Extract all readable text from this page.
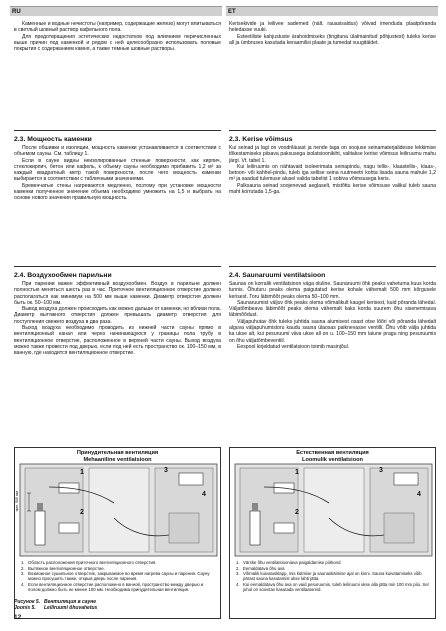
RU	ET

Каменные и водные нечистоты (например, содержащие железо) могут впитываться в светлый шовный раствор кафельного пола.

Для предотвращения эстетических недостатков под влиянием перечисленных выше причин под каменкой и рядом с ней целесообразно использовать половые покрытия с содержанием камня, а также темные шовные растворы.

2.3. Мощность каменки

После обшивки и изоляции, мощность каменки устанавливается в соответствии с объемом сауны. См. таблицу 1.

Если в сауне видны неизолированные стенные поверхности, как кирпич, стеклокирпич, бетон или кафель, к объему сауны необходимо прибавить 1,2 м³ за каждый квадратный метр такой поверхности, после чего мощность каменки выбирается в соответствии с табличными значениями.

Бревенчатые стены нагреваются медленно, поэтому при установке мощности каменки полученное значение объема необходимо умножить на 1,5 и выбрать на основе нового значения правильную мощность.

2.4. Воздухообмен парильни

При парении важен эффективный воздухообмен. Воздух в парильне должен полностью меняться шесть раз в час. Приточное вентиляционное отверстие должно располагаться как минимум на 500 мм выше каменки. Диаметр отверстия должен быть ок. 50–100 мм.

Вывод воздуха должен происходить как можно дальше от каменки, но вблизи пола. Диаметр вытяжного отверстия должен превышать диаметр отверстия для поступления свежего воздуха в два раза.

Выход воздуха необходимо проводить из нижней части сауны прямо в вентиляционный канал или через начинающуюся у границы пола трубу в вентиляционное отверстие, расположенное в верхней части сауны. Выход воздуха можно также провести под дверью, если под ней есть пространство ок. 100–150 мм, в ванную, где находится вентиляционное отверстие.

Kerisekivide ja leilivee sademed (nält. rauasisaldus) võivad imenduda plaatpõranda heledasse vuuki.

Esteetiliste kahjustuste ärahoidmiseks (tingituna ülalmainitud põhjustest) tuleks kerise all ja ümbruses kasutada keraamilisi plaate ja tumedat vuugitäidet.

2.3. Kerise võimsus

Kui seinad ja lagi on voodriläuast ja nende taga on soojuse seinamaterjalidesse lekkimise tõkestamiseks piisava paksusega isolatsioonikiht, valitakse kerise võimsus leiliruumu mahu järgi. Vt. tabel 1.

Kui leiliruumis on nähtavaid isoleerimata seinapindu, nagu tellis-, klaastellis-, klaas-, betoon- või kahhel-pindu, tuleb iga sellise seina ruutmeetri kohta lisada sauna mahule 1,2 m³ ja saadud tulemuse alusel valida tabelist 1 sobiva võimsusega keris.

Palksauna seinad soojenevad aeglaselt, mistõttu kerise võimsuse valikul tuleb sauna maht korrutada 1,5-ga.

2.4. Saunaruumi ventilatsioon

Saunas on korralik ventilatsioon väga oluline. Saunaruumi õhk peaks vahetuma kuus korda tunnis. Õhuturu peaks olema paigutatud kerise kohale vähemalt 500 mm kõrgusele kerisest. Toru läbimõõt peaks olema 50–100 mm.

Saunaruumist väljuv õhk peaks olema võimalikult kaugel kerisest, kuid põranda lähedal. Väljatõmbeava läbimõõt peaks olema vähemalt kaks korda suurem õhu sisenemisava läbimõõdust.

Väljapuhutav õhk tuleks juhtida sauna alumisest osast otse lõõri või põranda lähedalt alguva väljapuhumistoru kaudu sauna ülaosas paiknevasse ventilli. Õhu võib välja juhtida ka ukse alt, kui pesuruumi viiva ukse all on u. 100–150 mm laiune pragu ning pesuruumis on õhu väljatõmbeventiil.

Eespool kirjeldatud ventilatsioon toimib masinjõul.

Принудительная вентиляция
Mehaaniline ventilatsioon
1. Область расположения приточного вентиляционного отверстия.
2. Вытяжное вентиляционное отверстие.
3. Возможное сушильное отверстие, закрываемое во время нагрева сауны и парения. Сауну можно просушить также, открыв дверь после парения.
4. Если вентиляционное отверстие расположено в ванной, пространство между дверью и полом должно быть не менее 100 мм. Необходима принудительная вентиляция.
Естественная вентиляция
Loomulik ventilatsioon
1. Värske õhu ventilatsiooniava paigaldamise piirkond
2. Eemaldatava õhu ava
3. Võimalik kuivatusklapp, mis kütmise ja saunaskäimise ajal on kinni. Sauna kuivatamiseks võib pärast sauna kasutamist ukse lahti jätta.
4. Kui eemaldatava õhu ava on vaid pesuruumis, tuleb leiliruumi ukse alla jätta min 100 mm pilu. Sel juhul on soovitav kasutada ventilaatoreid.
1
2
3
4
мин. 500 мм
1
2
3
4
Рисунок 5. Вентиляция в сауне
Joonis 5. Leiliruumi õhuvahetus
12
